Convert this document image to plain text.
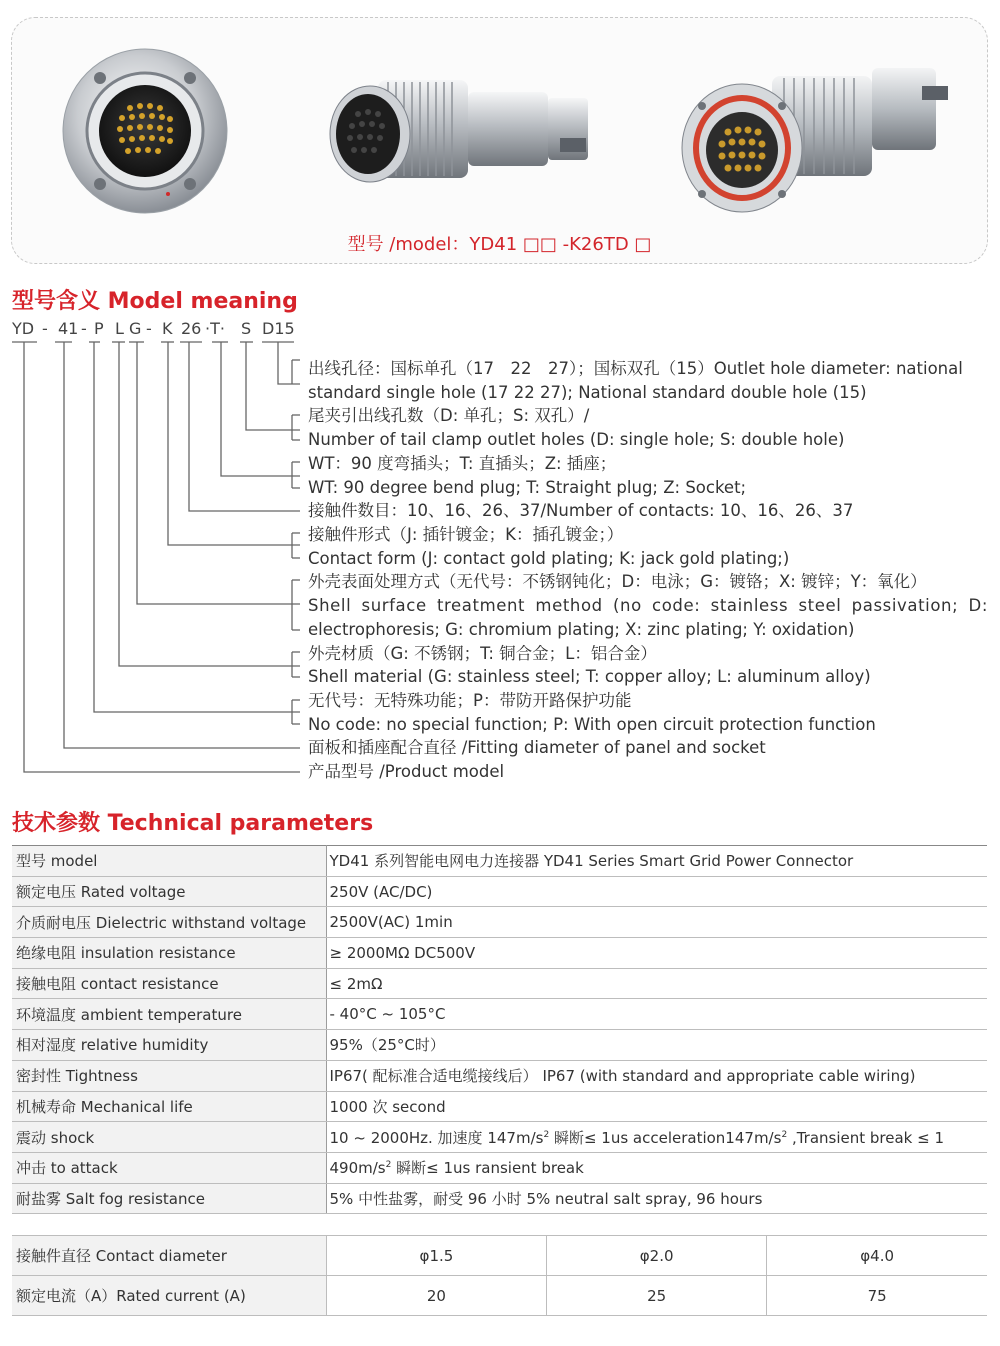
型号 /model：YD41 □□ -K26TD □
型号含义 Model meaning
YD - 41 - P L G - K 26 ·T· S D15
出线孔径：国标单孔（17　22　27）；国标双孔（15）Outlet hole diameter: national
standard single hole (17 22 27); National standard double hole (15)
尾夹引出线孔数（D: 单孔；S: 双孔）/
Number of tail clamp outlet holes (D: single hole; S: double hole)
WT：90 度弯插头；T: 直插头；Z: 插座；
WT: 90 degree bend plug; T: Straight plug; Z: Socket;
接触件数目：10、16、26、37/Number of contacts: 10、16、26、37
接触件形式（J: 插针镀金；K：插孔镀金；）
Contact form (J: contact gold plating; K: jack gold plating;)
外壳表面处理方式（无代号：不锈钢钝化；D：电泳；G：镀铬；X: 镀锌；Y：氧化）
Shell surface treatment method (no code: stainless steel passivation; D:
electrophoresis; G: chromium plating; X: zinc plating; Y: oxidation)
外壳材质（G: 不锈钢；T: 铜合金；L：铝合金）
Shell material (G: stainless steel; T: copper alloy; L: aluminum alloy)
无代号：无特殊功能；P：带防开路保护功能
No code: no special function; P: With open circuit protection function
面板和插座配合直径 /Fitting diameter of panel and socket
产品型号 /Product model
技术参数 Technical parameters
型号 model	YD41 系列智能电网电力连接器 YD41 Series Smart Grid Power Connector
额定电压 Rated voltage	250V (AC/DC)
介质耐电压 Dielectric withstand voltage	2500V(AC) 1min
绝缘电阻 insulation resistance	≥ 2000MΩ DC500V
接触电阻 contact resistance	≤ 2mΩ
环境温度 ambient temperature	- 40°C ~ 105°C
相对湿度 relative humidity	95%（25°C时）
密封性 Tightness	IP67( 配标准合适电缆接线后） IP67 (with standard and appropriate cable wiring)
机械寿命 Mechanical life	1000 次 second
震动 shock	10 ~ 2000Hz. 加速度 $147m/s^2$ 瞬断≤ 1us $acceleration147m/s^2$ ,Transient break ≤ 1
冲击 to attack	$490m/s^2$ 瞬断≤ 1us ransient break
耐盐雾 Salt fog resistance	5% 中性盐雾，耐受 96 小时 5% neutral salt spray, 96 hours
接触件直径 Contact diameter	φ1.5	φ2.0	φ4.0
额定电流（A）Rated current (A)	20	25	75
